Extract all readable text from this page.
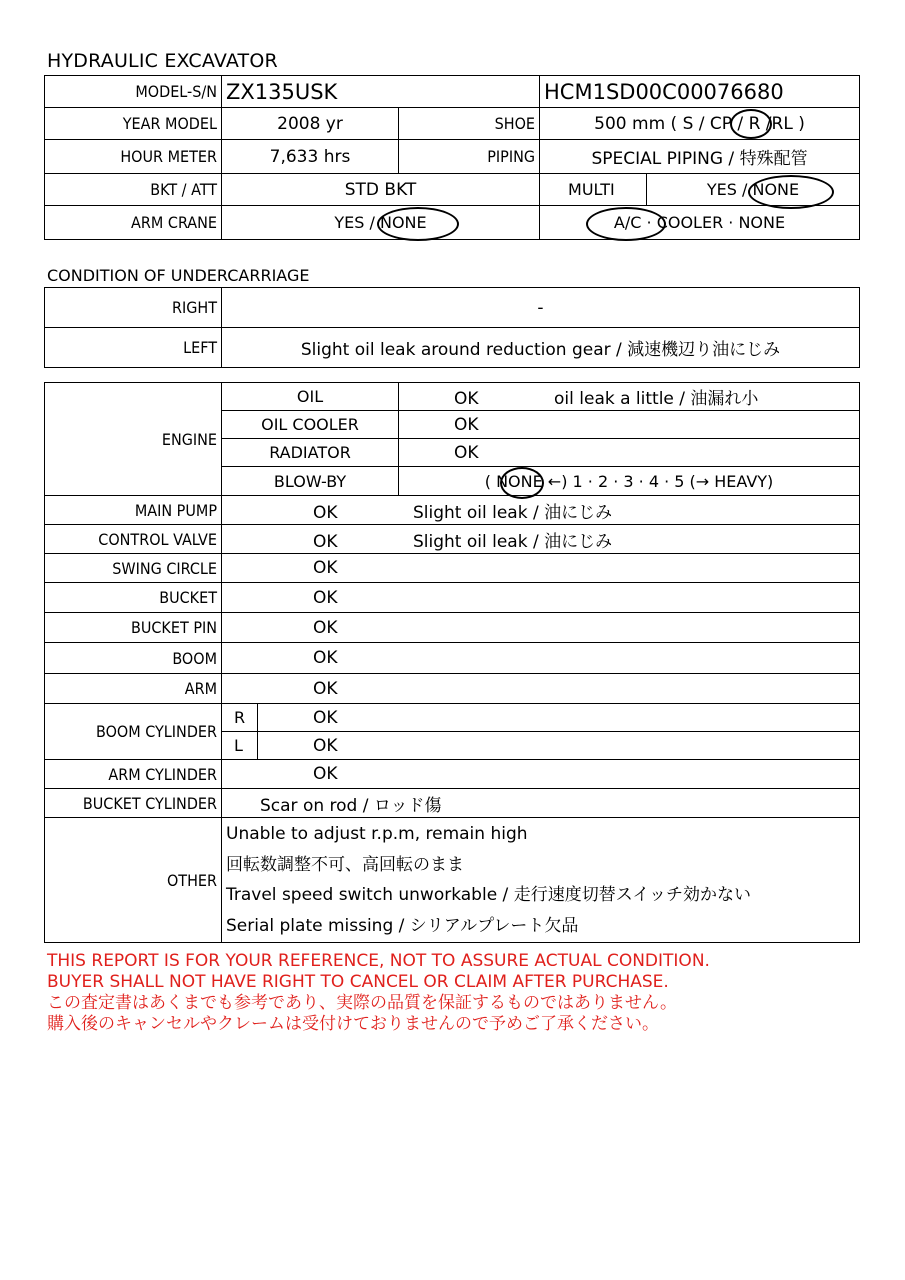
HYDRAULIC EXCAVATOR
MODEL-S/N	ZX135USK		HCM1SD00C00076680	
YEAR MODEL	2008 yr	SHOE	500 mm ( S / CP / R /RL )	
HOUR METER	7,633 hrs	PIPING	SPECIAL PIPING / 特殊配管	
BKT / ATT	STD BKT		MULTI	YES / NONE
ARM CRANE	YES / NONE		A/C · COOLER · NONE	
CONDITION OF UNDERCARRIAGE
RIGHT	-
LEFT	Slight oil leak around reduction gear / 減速機辺り油にじみ
ENGINE	OIL		OK oil leak a little / 油漏れ小
	OIL COOLER		OK
	RADIATOR		OK
	BLOW-BY		( NONE ←) 1 · 2 · 3 · 4 · 5 (→ HEAVY)
MAIN PUMP	OK Slight oil leak / 油にじみ		
CONTROL VALVE	OK Slight oil leak / 油にじみ		
SWING CIRCLE	OK		
BUCKET	OK		
BUCKET PIN	OK		
BOOM	OK		
ARM	OK		
BOOM CYLINDER	R	OK	
	L	OK	
ARM CYLINDER	OK		
BUCKET CYLINDER	Scar on rod / ロッド傷		
OTHER	Unable to adjust r.p.m, remain high
回転数調整不可、高回転のまま
Travel speed switch unworkable / 走行速度切替スイッチ効かない
Serial plate missing / シリアルプレート欠品		
THIS REPORT IS FOR YOUR REFERENCE, NOT TO ASSURE ACTUAL CONDITION.
BUYER SHALL NOT HAVE RIGHT TO CANCEL OR CLAIM AFTER PURCHASE.
この査定書はあくまでも参考であり、実際の品質を保証するものではありません。
購入後のキャンセルやクレームは受付けておりませんので予めご了承ください。
